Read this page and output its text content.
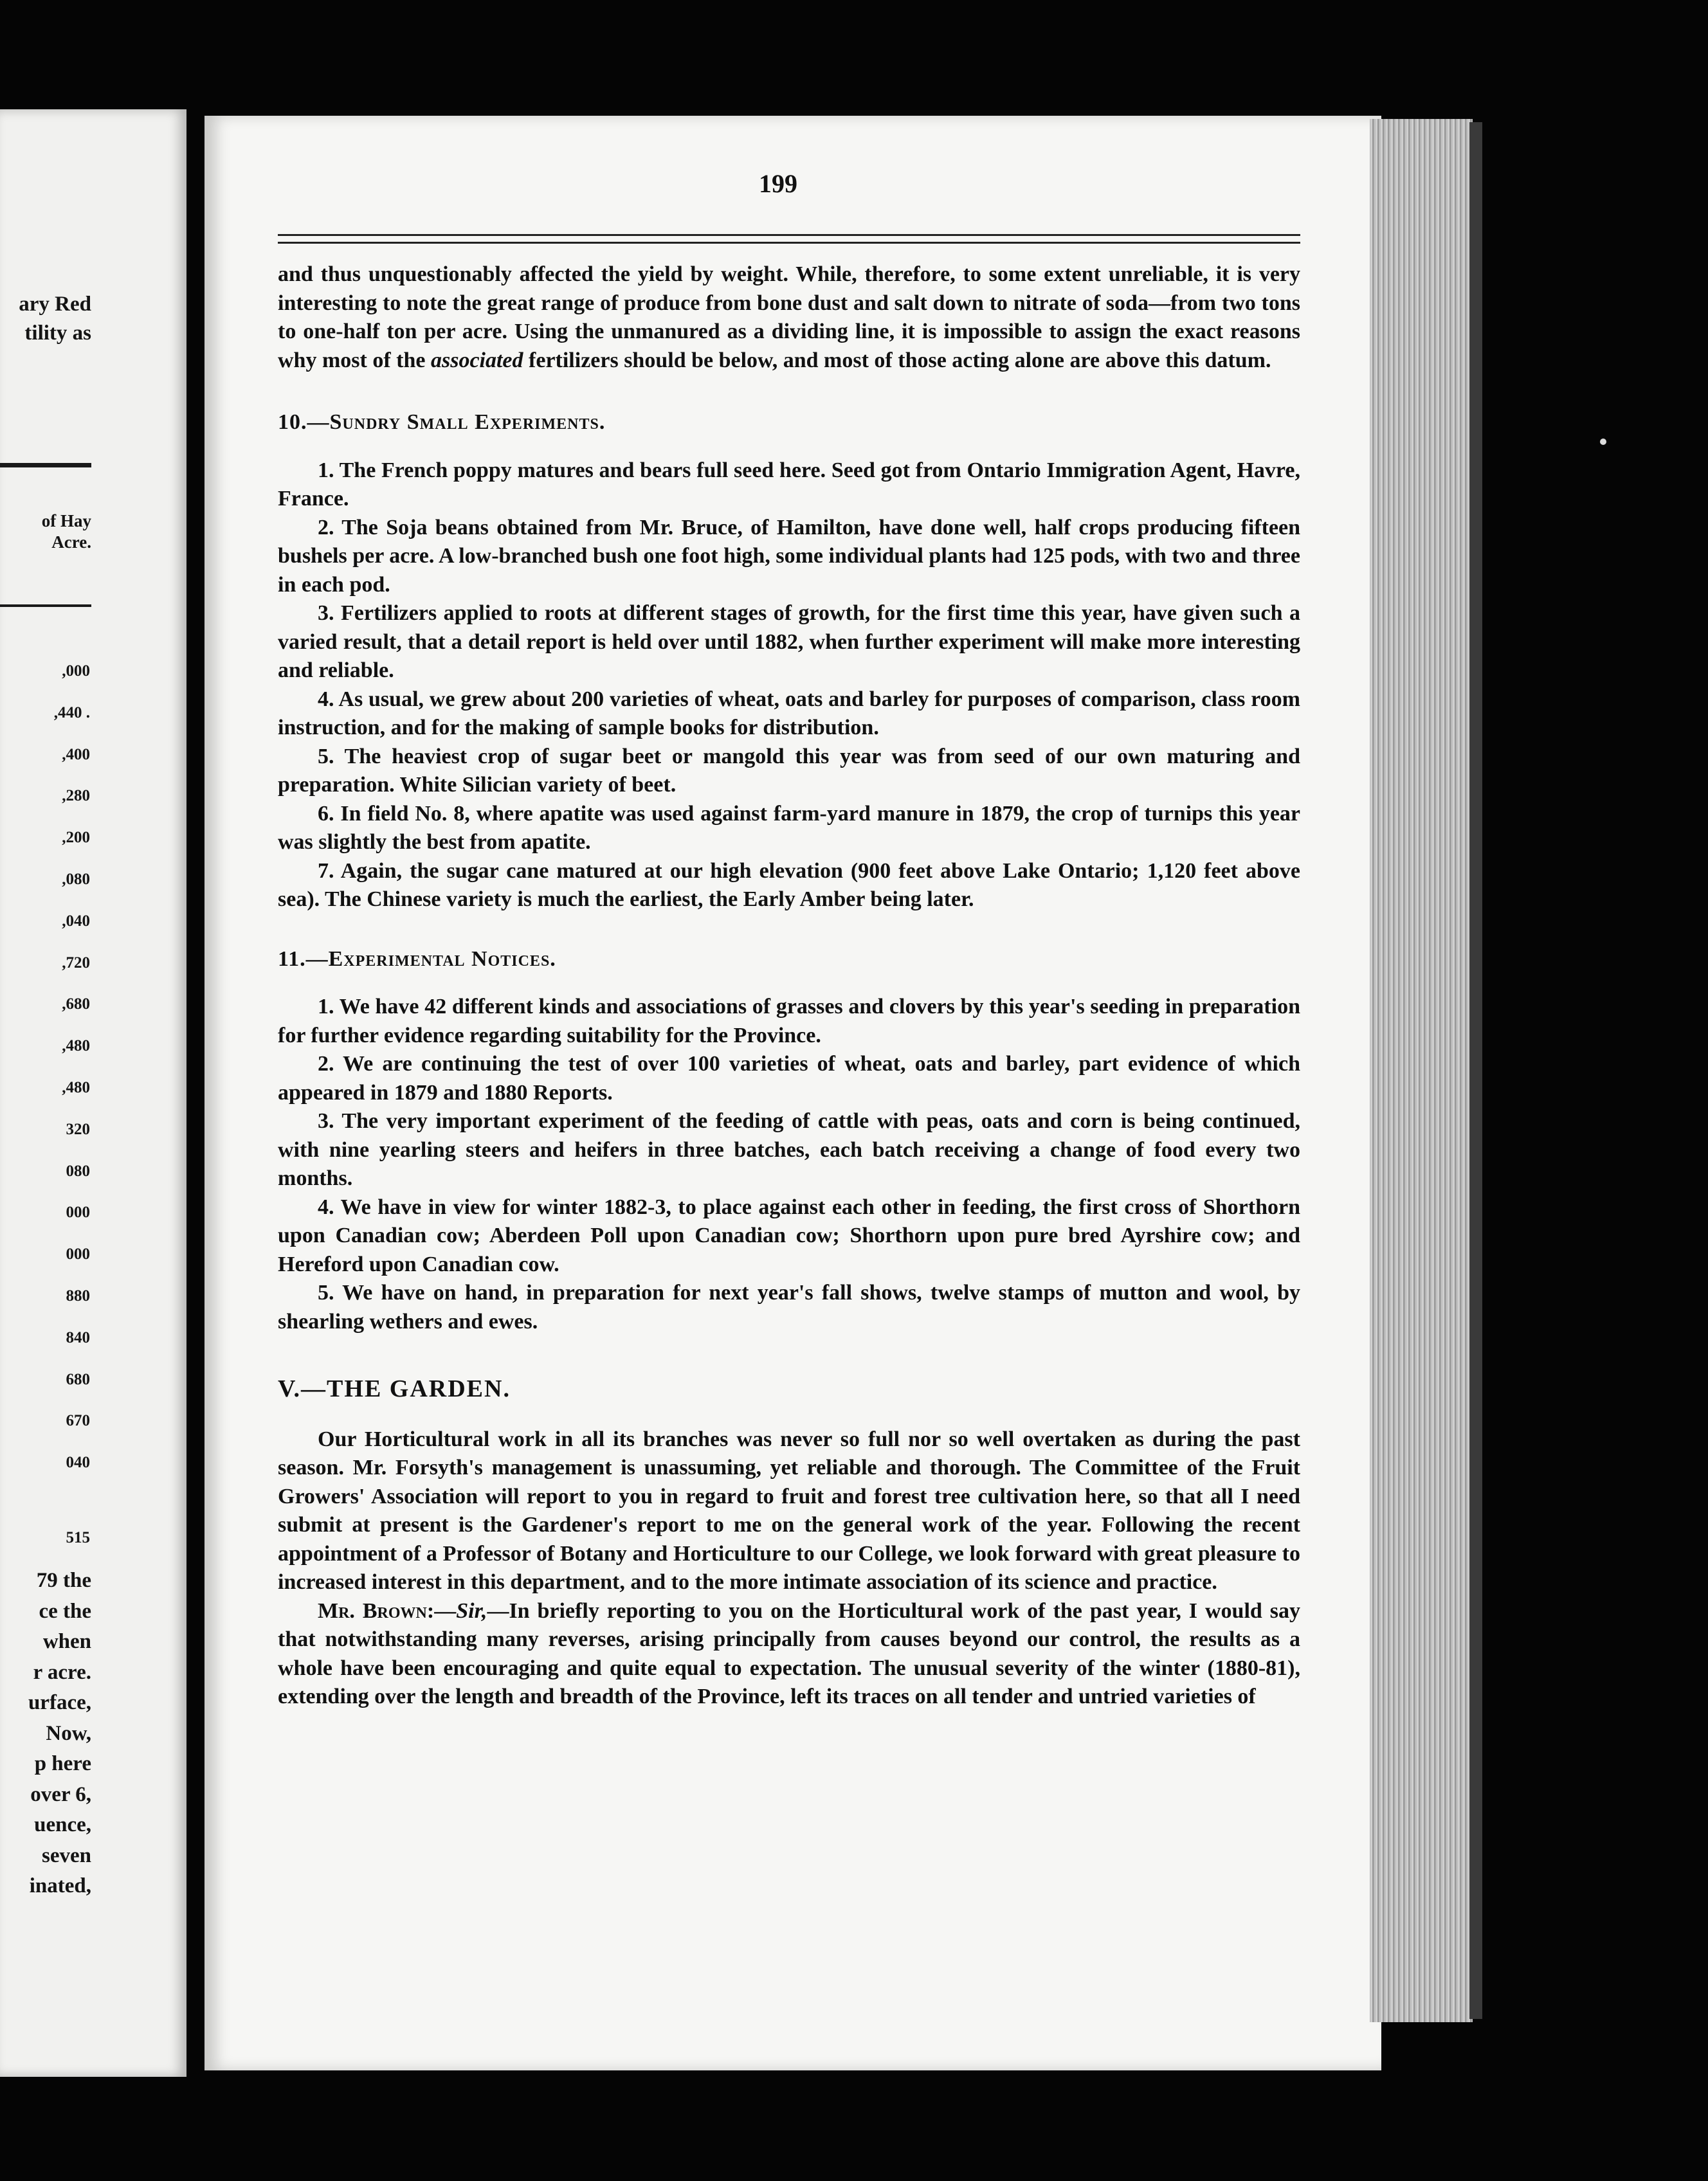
ary Red
tility as
of Hay
Acre.
,000
,440 .
,400
,280
,200
,080
,040
,720
,680
,480
,480
320
080
000
000
880
840
680
670
040
515
79 the
ce the
when
r acre.
urface,
Now,
p here
over 6,
uence,
seven
inated,
199

and thus unquestionably affected the yield by weight. While, therefore, to some extent unreliable, it is very interesting to note the great range of produce from bone dust and salt down to nitrate of soda—from two tons to one-half ton per acre. Using the unmanured as a dividing line, it is impossible to assign the exact reasons why most of the associated fertilizers should be below, and most of those acting alone are above this datum.

10.—Sundry Small Experiments.

1. The French poppy matures and bears full seed here. Seed got from Ontario Immigration Agent, Havre, France.

2. The Soja beans obtained from Mr. Bruce, of Hamilton, have done well, half crops producing fifteen bushels per acre. A low-branched bush one foot high, some individual plants had 125 pods, with two and three in each pod.

3. Fertilizers applied to roots at different stages of growth, for the first time this year, have given such a varied result, that a detail report is held over until 1882, when further experiment will make more interesting and reliable.

4. As usual, we grew about 200 varieties of wheat, oats and barley for purposes of comparison, class room instruction, and for the making of sample books for distribution.

5. The heaviest crop of sugar beet or mangold this year was from seed of our own maturing and preparation. White Silician variety of beet.

6. In field No. 8, where apatite was used against farm-yard manure in 1879, the crop of turnips this year was slightly the best from apatite.

7. Again, the sugar cane matured at our high elevation (900 feet above Lake Ontario; 1,120 feet above sea). The Chinese variety is much the earliest, the Early Amber being later.

11.—Experimental Notices.

1. We have 42 different kinds and associations of grasses and clovers by this year's seeding in preparation for further evidence regarding suitability for the Province.

2. We are continuing the test of over 100 varieties of wheat, oats and barley, part evidence of which appeared in 1879 and 1880 Reports.

3. The very important experiment of the feeding of cattle with peas, oats and corn is being continued, with nine yearling steers and heifers in three batches, each batch receiving a change of food every two months.

4. We have in view for winter 1882-3, to place against each other in feeding, the first cross of Shorthorn upon Canadian cow; Aberdeen Poll upon Canadian cow; Shorthorn upon pure bred Ayrshire cow; and Hereford upon Canadian cow.

5. We have on hand, in preparation for next year's fall shows, twelve stamps of mutton and wool, by shearling wethers and ewes.

V.—THE GARDEN.

Our Horticultural work in all its branches was never so full nor so well overtaken as during the past season. Mr. Forsyth's management is unassuming, yet reliable and thorough. The Committee of the Fruit Growers' Association will report to you in regard to fruit and forest tree cultivation here, so that all I need submit at present is the Gardener's report to me on the general work of the year. Following the recent appointment of a Professor of Botany and Horticulture to our College, we look forward with great pleasure to increased interest in this department, and to the more intimate association of its science and practice.

Mr. Brown:—Sir,—In briefly reporting to you on the Horticultural work of the past year, I would say that notwithstanding many reverses, arising principally from causes beyond our control, the results as a whole have been encouraging and quite equal to expectation. The unusual severity of the winter (1880-81), extending over the length and breadth of the Province, left its traces on all tender and untried varieties of
